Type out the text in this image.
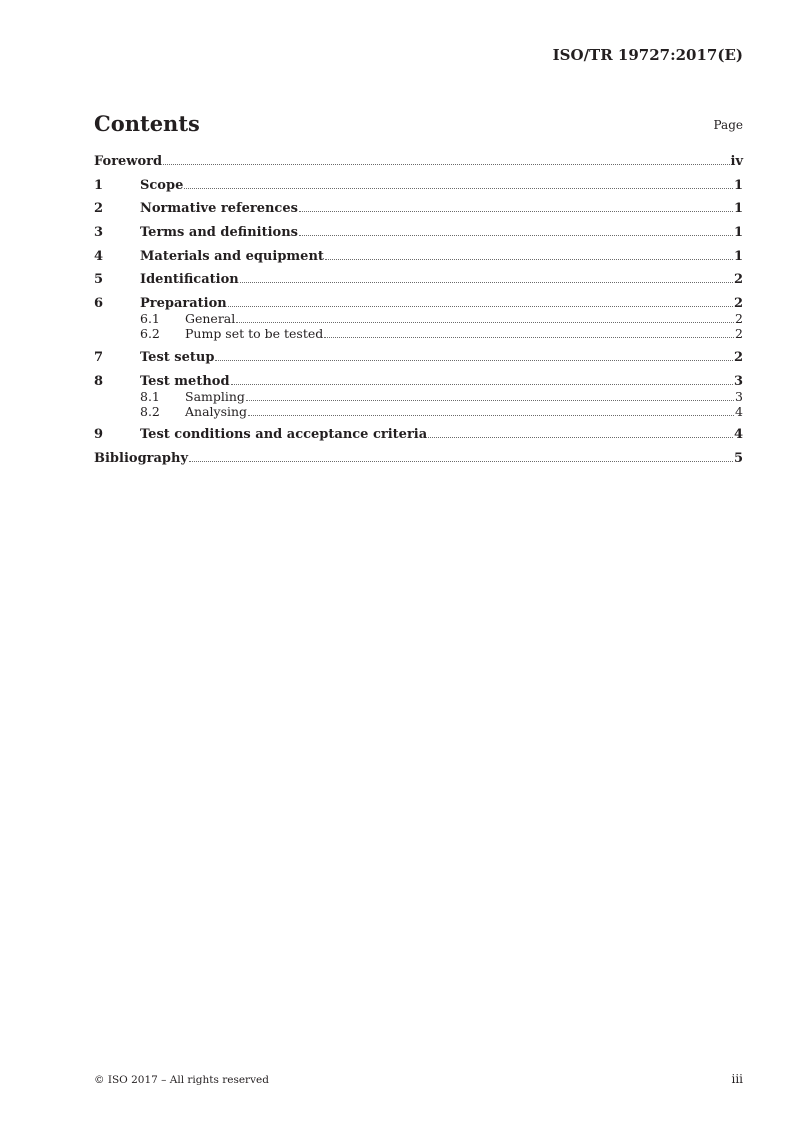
ISO/TR 19727:2017(E)
Contents	Page
Foreword	iv
1	Scope	1
2	Normative references	1
3	Terms and definitions	1
4	Materials and equipment	1
5	Identification	2
6	Preparation	2
6.1	General	2
6.2	Pump set to be tested	2
7	Test setup	2
8	Test method	3
8.1	Sampling	3
8.2	Analysing	4
9	Test conditions and acceptance criteria	4
Bibliography	5
© ISO 2017 – All rights reserved	iii
